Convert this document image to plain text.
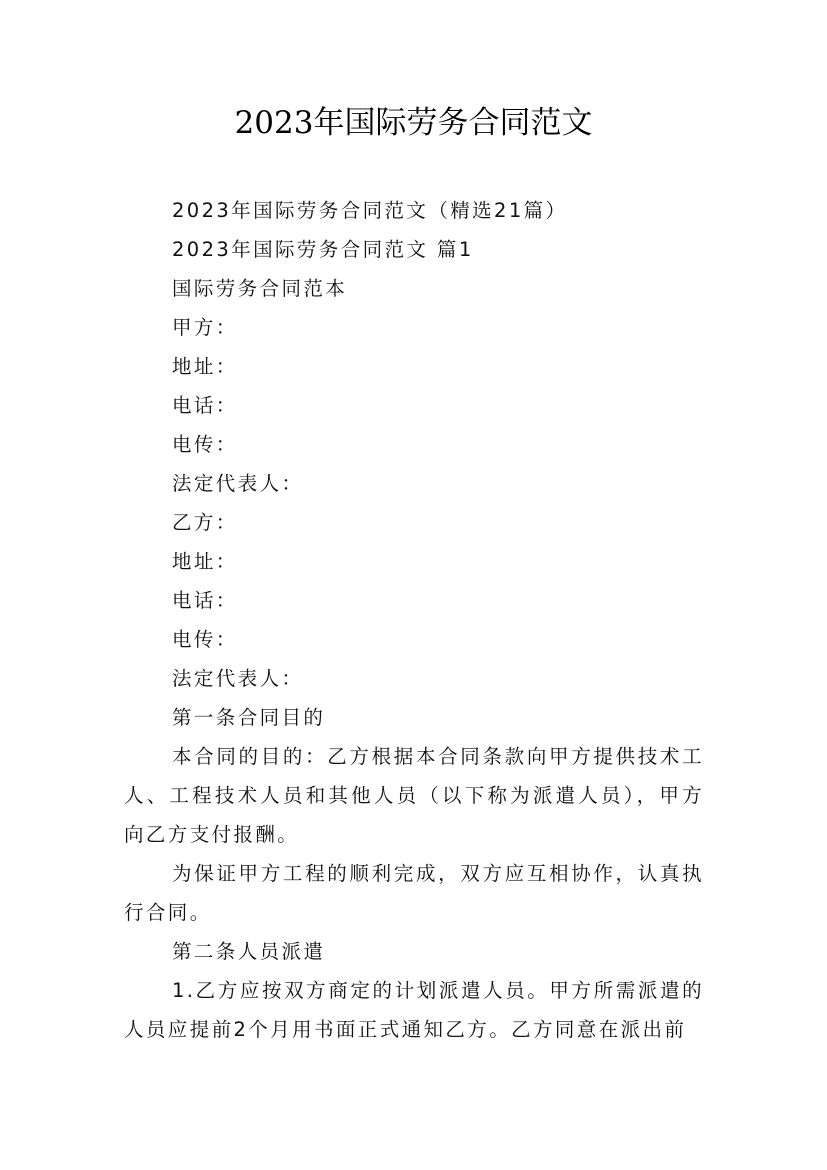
2023年国际劳务合同范文

2023年国际劳务合同范文（精选21篇）

2023年国际劳务合同范文 篇1

国际劳务合同范本

甲方：

地址：

电话：

电传：

法定代表人：

乙方：

地址：

电话：

电传：

法定代表人：

第一条合同目的

本合同的目的：乙方根据本合同条款向甲方提供技术工人、工程技术人员和其他人员（以下称为派遣人员），甲方向乙方支付报酬。

为保证甲方工程的顺利完成，双方应互相协作，认真执行合同。

第二条人员派遣

1.乙方应按双方商定的计划派遣人员。甲方所需派遣的人员应提前2个月用书面正式通知乙方。乙方同意在派出前
